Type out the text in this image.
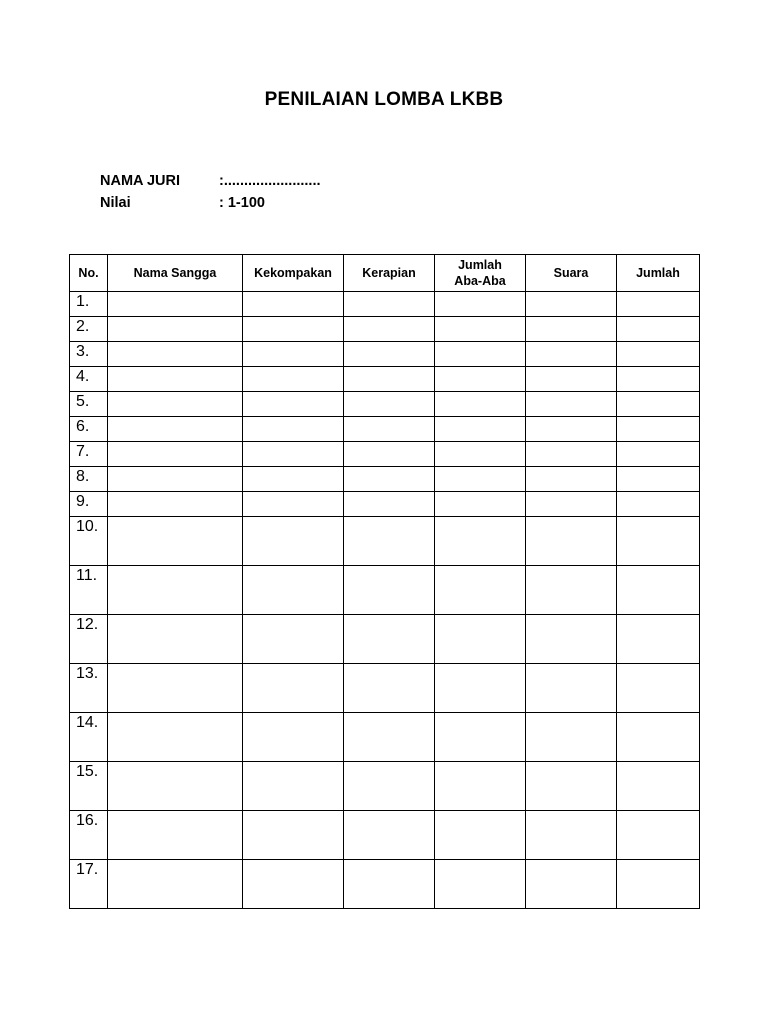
PENILAIAN LOMBA LKBB
NAMA JURI	:........................
Nilai	: 1-100
No.	Nama Sangga	Kekompakan	Kerapian	Jumlah Aba-Aba	Suara	Jumlah
1.						
2.						
3.						
4.						
5.						
6.						
7.						
8.						
9.						
10.						
11.						
12.						
13.						
14.						
15.						
16.						
17.						
